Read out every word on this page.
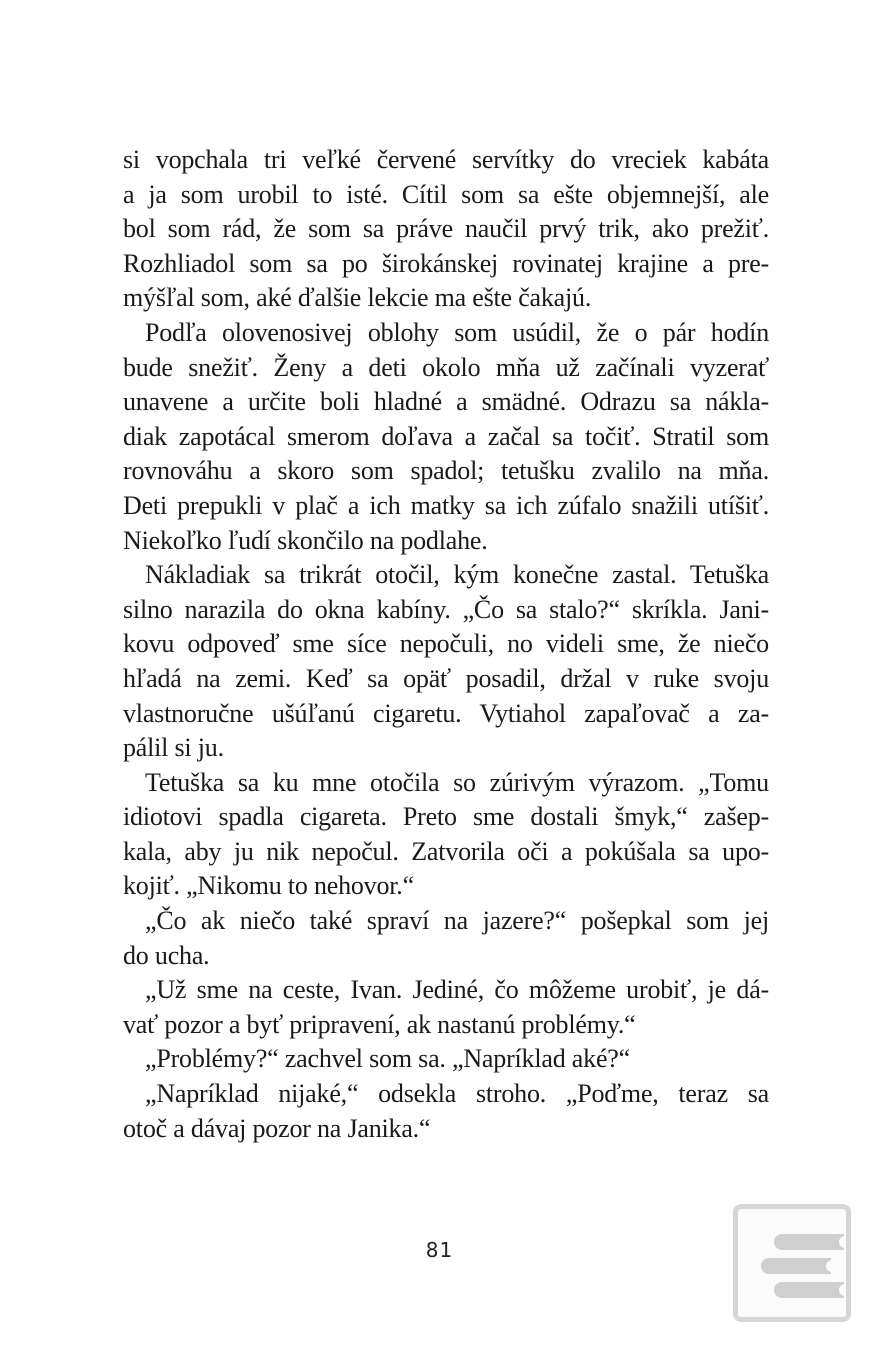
si vopchala tri veľké červené servítky do vreciek kabáta
a ja som urobil to isté. Cítil som sa ešte objemnejší, ale
bol som rád, že som sa práve naučil prvý trik, ako prežiť.
Rozhliadol som sa po širokánskej rovinatej krajine a pre-
mýšľal som, aké ďalšie lekcie ma ešte čakajú.
Podľa olovenosivej oblohy som usúdil, že o pár hodín
bude snežiť. Ženy a deti okolo mňa už začínali vyzerať
unavene a určite boli hladné a smädné. Odrazu sa nákla-
diak zapotácal smerom doľava a začal sa točiť. Stratil som
rovnováhu a skoro som spadol; tetušku zvalilo na mňa.
Deti prepukli v plač a ich matky sa ich zúfalo snažili utíšiť.
Niekoľko ľudí skončilo na podlahe.
Nákladiak sa trikrát otočil, kým konečne zastal. Tetuška
silno narazila do okna kabíny. „Čo sa stalo?“ skríkla. Jani-
kovu odpoveď sme síce nepočuli, no videli sme, že niečo
hľadá na zemi. Keď sa opäť posadil, držal v ruke svoju
vlastnoručne ušúľanú cigaretu. Vytiahol zapaľovač a za-
pálil si ju.
Tetuška sa ku mne otočila so zúrivým výrazom. „Tomu
idiotovi spadla cigareta. Preto sme dostali šmyk,“ zašep-
kala, aby ju nik nepočul. Zatvorila oči a pokúšala sa upo-
kojiť. „Nikomu to nehovor.“
„Čo ak niečo také spraví na jazere?“ pošepkal som jej
do ucha.
„Už sme na ceste, Ivan. Jediné, čo môžeme urobiť, je dá-
vať pozor a byť pripravení, ak nastanú problémy.“
„Problémy?“ zachvel som sa. „Napríklad aké?“
„Napríklad nijaké,“ odsekla stroho. „Poďme, teraz sa
otoč a dávaj pozor na Janika.“
81
